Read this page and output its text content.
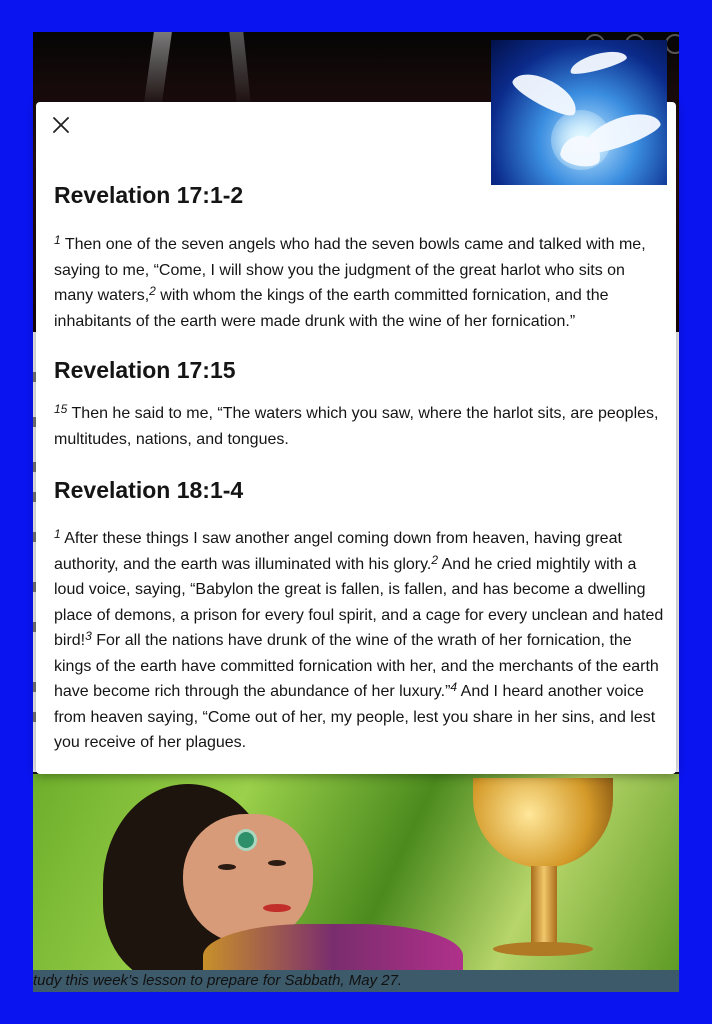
tudy this week’s lesson to prepare for Sabbath, May 27.
Revelation 17:1-2

$^1$ Then one of the seven angels who had the seven bowls came and talked with me, saying to me, “Come, I will show you the judgment of the great harlot who sits on many waters,$^2$ with whom the kings of the earth committed fornication, and the inhabitants of the earth were made drunk with the wine of her fornication.”

Revelation 17:15

$^{15}$ Then he said to me, “The waters which you saw, where the harlot sits, are peoples, multitudes, nations, and tongues.

Revelation 18:1-4

$^1$ After these things I saw another angel coming down from heaven, having great authority, and the earth was illuminated with his glory.$^2$ And he cried mightily with a loud voice, saying, “Babylon the great is fallen, is fallen, and has become a dwelling place of demons, a prison for every foul spirit, and a cage for every unclean and hated bird!$^3$ For all the nations have drunk of the wine of the wrath of her fornication, the kings of the earth have committed fornication with her, and the merchants of the earth have become rich through the abundance of her luxury.”$^4$ And I heard another voice from heaven saying, “Come out of her, my people, lest you share in her sins, and lest you receive of her plagues.
